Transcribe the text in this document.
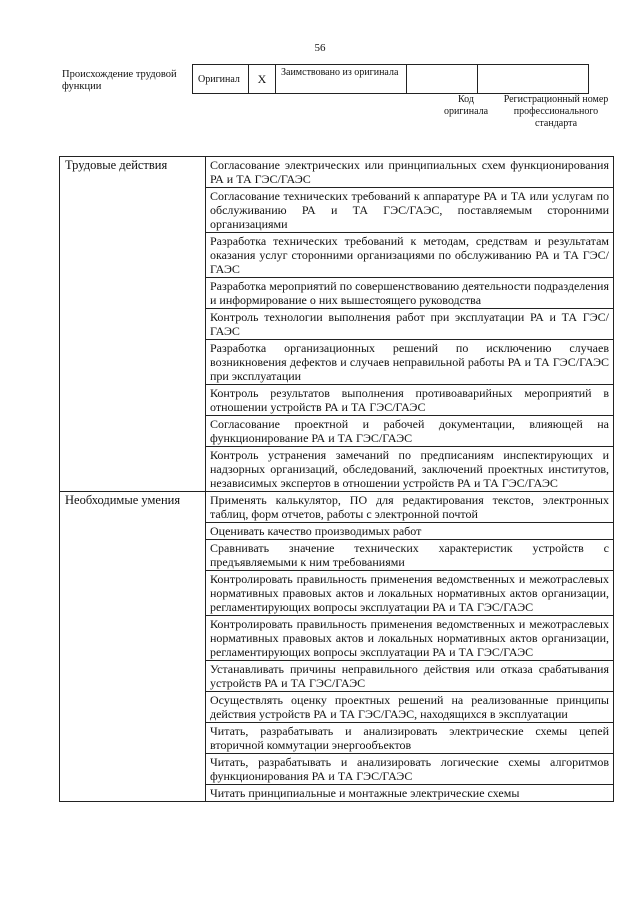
56
Происхождение трудовой функции
Оригинал	X	Заимствовано из оригинала		
Код оригинала
Регистрационный номер профессионального стандарта
Трудовые действия	Согласование электрических или принципиальных схем функционирования РА и ТА ГЭС/ГАЭС
	Согласование технических требований к аппаратуре РА и ТА или услугам по обслуживанию РА и ТА ГЭС/ГАЭС, поставляемым сторонними организациями
	Разработка технических требований к методам, средствам и результатам оказания услуг сторонними организациями по обслуживанию РА и ТА ГЭС/ГАЭС
	Разработка мероприятий по совершенствованию деятельности подразделения и информирование о них вышестоящего руководства
	Контроль технологии выполнения работ при эксплуатации РА и ТА ГЭС/ГАЭС
	Разработка организационных решений по исключению случаев возникновения дефектов и случаев неправильной работы РА и ТА ГЭС/ГАЭС при эксплуатации
	Контроль результатов выполнения противоаварийных мероприятий в отношении устройств РА и ТА ГЭС/ГАЭС
	Согласование проектной и рабочей документации, влияющей на функционирование РА и ТА ГЭС/ГАЭС
	Контроль устранения замечаний по предписаниям инспектирующих и надзорных организаций, обследований, заключений проектных институтов, независимых экспертов в отношении устройств РА и ТА ГЭС/ГАЭС
Необходимые умения	Применять калькулятор, ПО для редактирования текстов, электронных таблиц, форм отчетов, работы с электронной почтой
	Оценивать качество производимых работ
	Сравнивать значение технических характеристик устройств с предъявляемыми к ним требованиями
	Контролировать правильность применения ведомственных и межотраслевых нормативных правовых актов и локальных нормативных актов организации, регламентирующих вопросы эксплуатации РА и ТА ГЭС/ГАЭС
	Контролировать правильность применения ведомственных и межотраслевых нормативных правовых актов и локальных нормативных актов организации, регламентирующих вопросы эксплуатации РА и ТА ГЭС/ГАЭС
	Устанавливать причины неправильного действия или отказа срабатывания устройств РА и ТА ГЭС/ГАЭС
	Осуществлять оценку проектных решений на реализованные принципы действия устройств РА и ТА ГЭС/ГАЭС, находящихся в эксплуатации
	Читать, разрабатывать и анализировать электрические схемы цепей вторичной коммутации энергообъектов
	Читать, разрабатывать и анализировать логические схемы алгоритмов функционирования РА и ТА ГЭС/ГАЭС
	Читать принципиальные и монтажные электрические схемы
